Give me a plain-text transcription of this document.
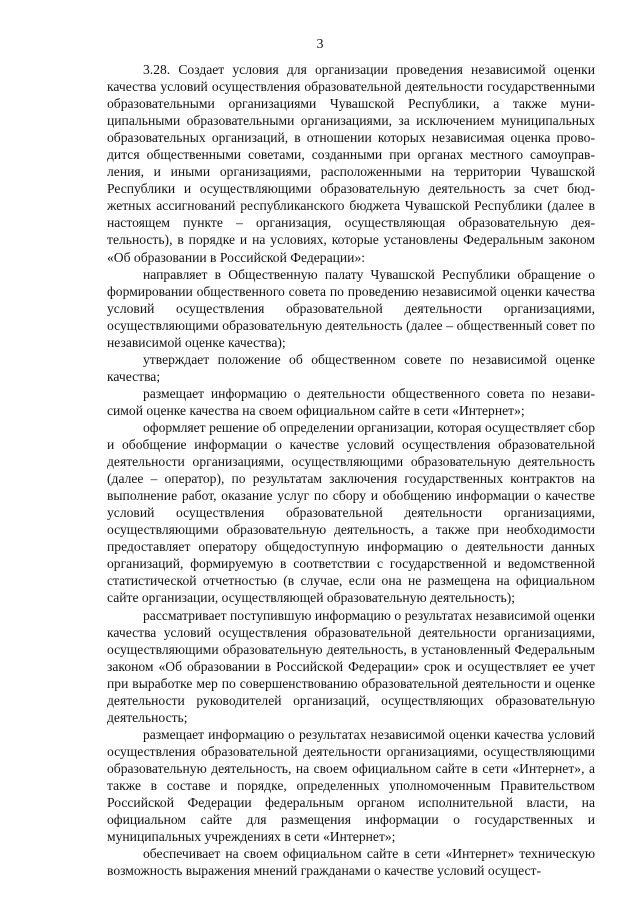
3

3.28. Создает условия для организации проведения независимой оценки качества условий осуществления образовательной деятельности государственными образовательными организациями Чувашской Республики, а также муниципальными образовательными организациями, за исключением муниципальных образовательных организаций, в отношении которых независимая оценка проводится общественными советами, созданными при органах местного самоуправления, и иными организациями, расположенными на территории Чувашской Республики и осуществляющими образовательную деятельность за счет бюджетных ассигнований республиканского бюджета Чувашской Республики (далее в настоящем пункте – организация, осуществляющая образовательную деятельность), в порядке и на условиях, которые установлены Федеральным законом «Об образовании в Российской Федерации»:

направляет в Общественную палату Чувашской Республики обращение о формировании общественного совета по проведению независимой оценки качества условий осуществления образовательной деятельности организациями, осуществляющими образовательную деятельность (далее – общественный совет по независимой оценке качества);

утверждает положение об общественном совете по независимой оценке качества;

размещает информацию о деятельности общественного совета по независимой оценке качества на своем официальном сайте в сети «Интернет»;

оформляет решение об определении организации, которая осуществляет сбор и обобщение информации о качестве условий осуществления образовательной деятельности организациями, осуществляющими образовательную деятельность (далее – оператор), по результатам заключения государственных контрактов на выполнение работ, оказание услуг по сбору и обобщению информации о качестве условий осуществления образовательной деятельности организациями, осуществляющими образовательную деятельность, а также при необходимости предоставляет оператору общедоступную информацию о деятельности данных организаций, формируемую в соответствии с государственной и ведомственной статистической отчетностью (в случае, если она не размещена на официальном сайте организации, осуществляющей образовательную деятельность);

рассматривает поступившую информацию о результатах независимой оценки качества условий осуществления образовательной деятельности организациями, осуществляющими образовательную деятельность, в установленный Федеральным законом «Об образовании в Российской Федерации» срок и осуществляет ее учет при выработке мер по совершенствованию образовательной деятельности и оценке деятельности руководителей организаций, осуществляющих образовательную деятельность;

размещает информацию о результатах независимой оценки качества условий осуществления образовательной деятельности организациями, осуществляющими образовательную деятельность, на своем официальном сайте в сети «Интернет», а также в составе и порядке, определенных уполномоченным Правительством Российской Федерации федеральным органом исполнительной власти, на официальном сайте для размещения информации о государственных и муниципальных учреждениях в сети «Интернет»;

обеспечивает на своем официальном сайте в сети «Интернет» техническую возможность выражения мнений гражданами о качестве условий осущест-
